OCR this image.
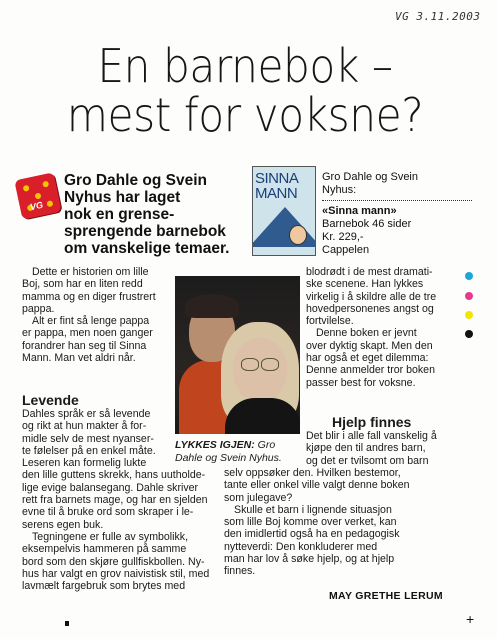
VG 3.11.2003
En barnebok –
mest for voksne?
VG
Gro Dahle og Svein
Nyhus har laget
nok en grense-
sprengende barnebok
om vanskelige temaer.
SINNA
MANN
Gro Dahle og Svein
Nyhus:
«Sinna mann»
Barnebok 46 sider
Kr. 229,-
Cappelen
Dette er historien om lille
Boj, som har en liten redd
mamma og en diger frustrert
pappa.
Alt er fint så lenge pappa
er pappa, men noen ganger
forandrer han seg til Sinna
Mann. Man vet aldri når.
Levende
Dahles språk er så levende
og rikt at hun makter å for-
midle selv de mest nyanser-
te følelser på en enkel måte.
Leseren kan formelig lukte
den lille guttens skrekk, hans uutholde-
lige evige balansegang. Dahle skriver
rett fra barnets mage, og har en sjelden
evne til å bruke ord som skraper i le-
serens egen buk.
Tegningene er fulle av symbolikk,
eksempelvis hammeren på samme
bord som den skjøre gullfiskbollen. Ny-
hus har valgt en grov naivistisk stil, med
lavmælt fargebruk som brytes med
LYKKES IGJEN: Gro
Dahle og Svein Nyhus.
blodrødt i de mest dramati-
ske scenene. Han lykkes
virkelig i å skildre alle de tre
hovedpersonenes angst og
fortvilelse.
Denne boken er jevnt
over dyktig skapt. Men den
har også et eget dilemma:
Denne anmelder tror boken
passer best for voksne.
Hjelp finnes
Det blir i alle fall vanskelig å
kjøpe den til andres barn,
og det er tvilsomt om barn
selv oppsøker den. Hvilken bestemor,
tante eller onkel ville valgt denne boken
som julegave?
Skulle et barn i lignende situasjon
som lille Boj komme over verket, kan
den imidlertid også ha en pedagogisk
nytteverdi: Den konkluderer med
man har lov å søke hjelp, og at hjelp
finnes.
MAY GRETHE LERUM
+
